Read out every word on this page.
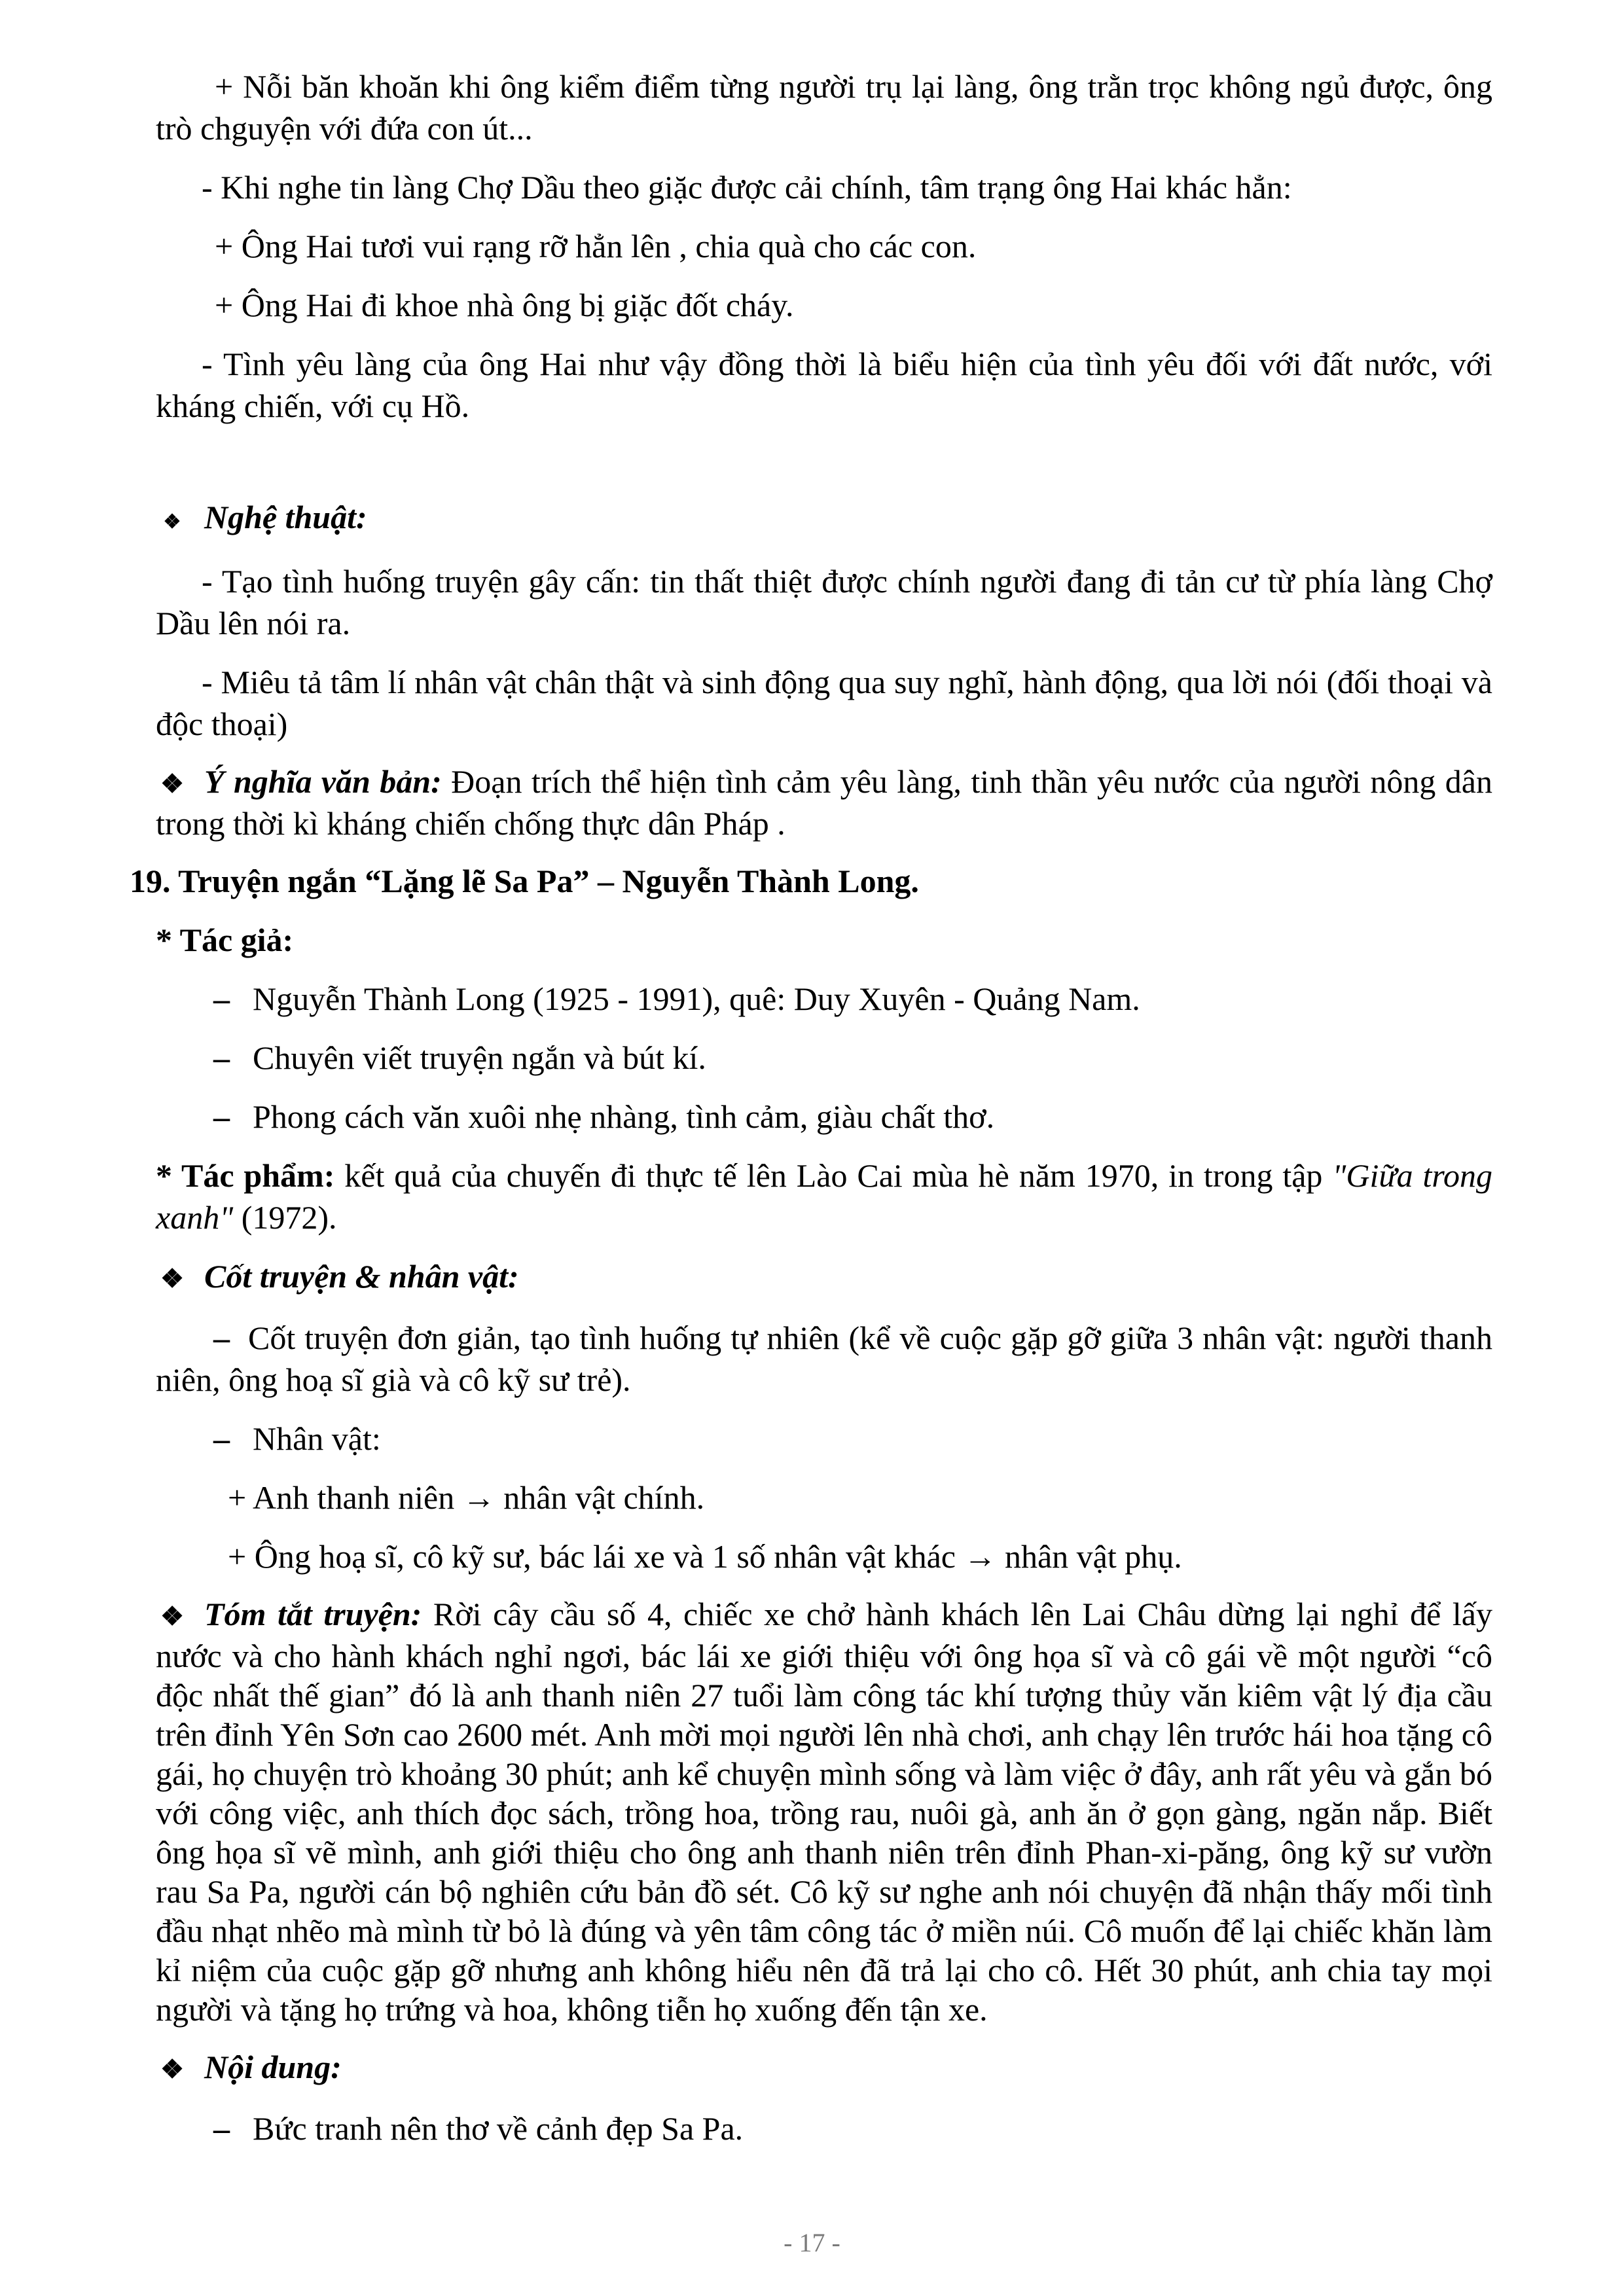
+ Nỗi băn khoăn khi ông kiểm điểm từng người trụ lại làng, ông trằn trọc không ngủ được, ông trò chguyện với đứa con út...

- Khi nghe tin làng Chợ Dầu theo giặc được cải chính, tâm trạng ông Hai khác hẳn:

+ Ông Hai tươi vui rạng rỡ hẳn lên , chia quà cho các con.

+ Ông Hai đi khoe nhà ông bị giặc đốt cháy.

- Tình yêu làng của ông Hai như vậy đồng thời là biểu hiện của tình yêu đối với đất nước, với kháng chiến, với cụ Hồ.

❖ Nghệ thuật:

- Tạo tình huống truyện gây cấn: tin thất thiệt được chính người đang đi tản cư từ phía làng Chợ Dầu lên nói ra.

- Miêu tả tâm lí nhân vật chân thật và sinh động qua suy nghĩ, hành động, qua lời nói (đối thoại và độc thoại)

❖ Ý nghĩa văn bản: Đoạn trích thể hiện tình cảm yêu làng, tinh thần yêu nước của người nông dân trong thời kì kháng chiến chống thực dân Pháp .

19. Truyện ngắn “Lặng lẽ Sa Pa” – Nguyễn Thành Long.

* Tác giả:

– Nguyễn Thành Long (1925 - 1991), quê: Duy Xuyên - Quảng Nam.

– Chuyên viết truyện ngắn và bút kí.

– Phong cách văn xuôi nhẹ nhàng, tình cảm, giàu chất thơ.

* Tác phẩm: kết quả của chuyến đi thực tế lên Lào Cai mùa hè năm 1970, in trong tập "Giữa trong xanh" (1972).

❖ Cốt truyện & nhân vật:

– Cốt truyện đơn giản, tạo tình huống tự nhiên (kể về cuộc gặp gỡ giữa 3 nhân vật: người thanh niên, ông hoạ sĩ già và cô kỹ sư trẻ).

– Nhân vật:

+ Anh thanh niên → nhân vật chính.

+ Ông hoạ sĩ, cô kỹ sư, bác lái xe và 1 số nhân vật khác → nhân vật phụ.

❖ Tóm tắt truyện: Rời cây cầu số 4, chiếc xe chở hành khách lên Lai Châu dừng lại nghỉ để lấy nước và cho hành khách nghỉ ngơi, bác lái xe giới thiệu với ông họa sĩ và cô gái về một người “cô độc nhất thế gian” đó là anh thanh niên 27 tuổi làm công tác khí tượng thủy văn kiêm vật lý địa cầu trên đỉnh Yên Sơn cao 2600 mét. Anh mời mọi người lên nhà chơi, anh chạy lên trước hái hoa tặng cô gái, họ chuyện trò khoảng 30 phút; anh kể chuyện mình sống và làm việc ở đây, anh rất yêu và gắn bó với công việc, anh thích đọc sách, trồng hoa, trồng rau, nuôi gà, anh ăn ở gọn gàng, ngăn nắp. Biết ông họa sĩ vẽ mình, anh giới thiệu cho ông anh thanh niên trên đỉnh Phan-xi-păng, ông kỹ sư vườn rau Sa Pa, người cán bộ nghiên cứu bản đồ sét. Cô kỹ sư nghe anh nói chuyện đã nhận thấy mối tình đầu nhạt nhẽo mà mình từ bỏ là đúng và yên tâm công tác ở miền núi. Cô muốn để lại chiếc khăn làm kỉ niệm của cuộc gặp gỡ nhưng anh không hiểu nên đã trả lại cho cô. Hết 30 phút, anh chia tay mọi người và tặng họ trứng và hoa, không tiễn họ xuống đến tận xe.

❖ Nội dung:

– Bức tranh nên thơ về cảnh đẹp Sa Pa.

- 17 -
